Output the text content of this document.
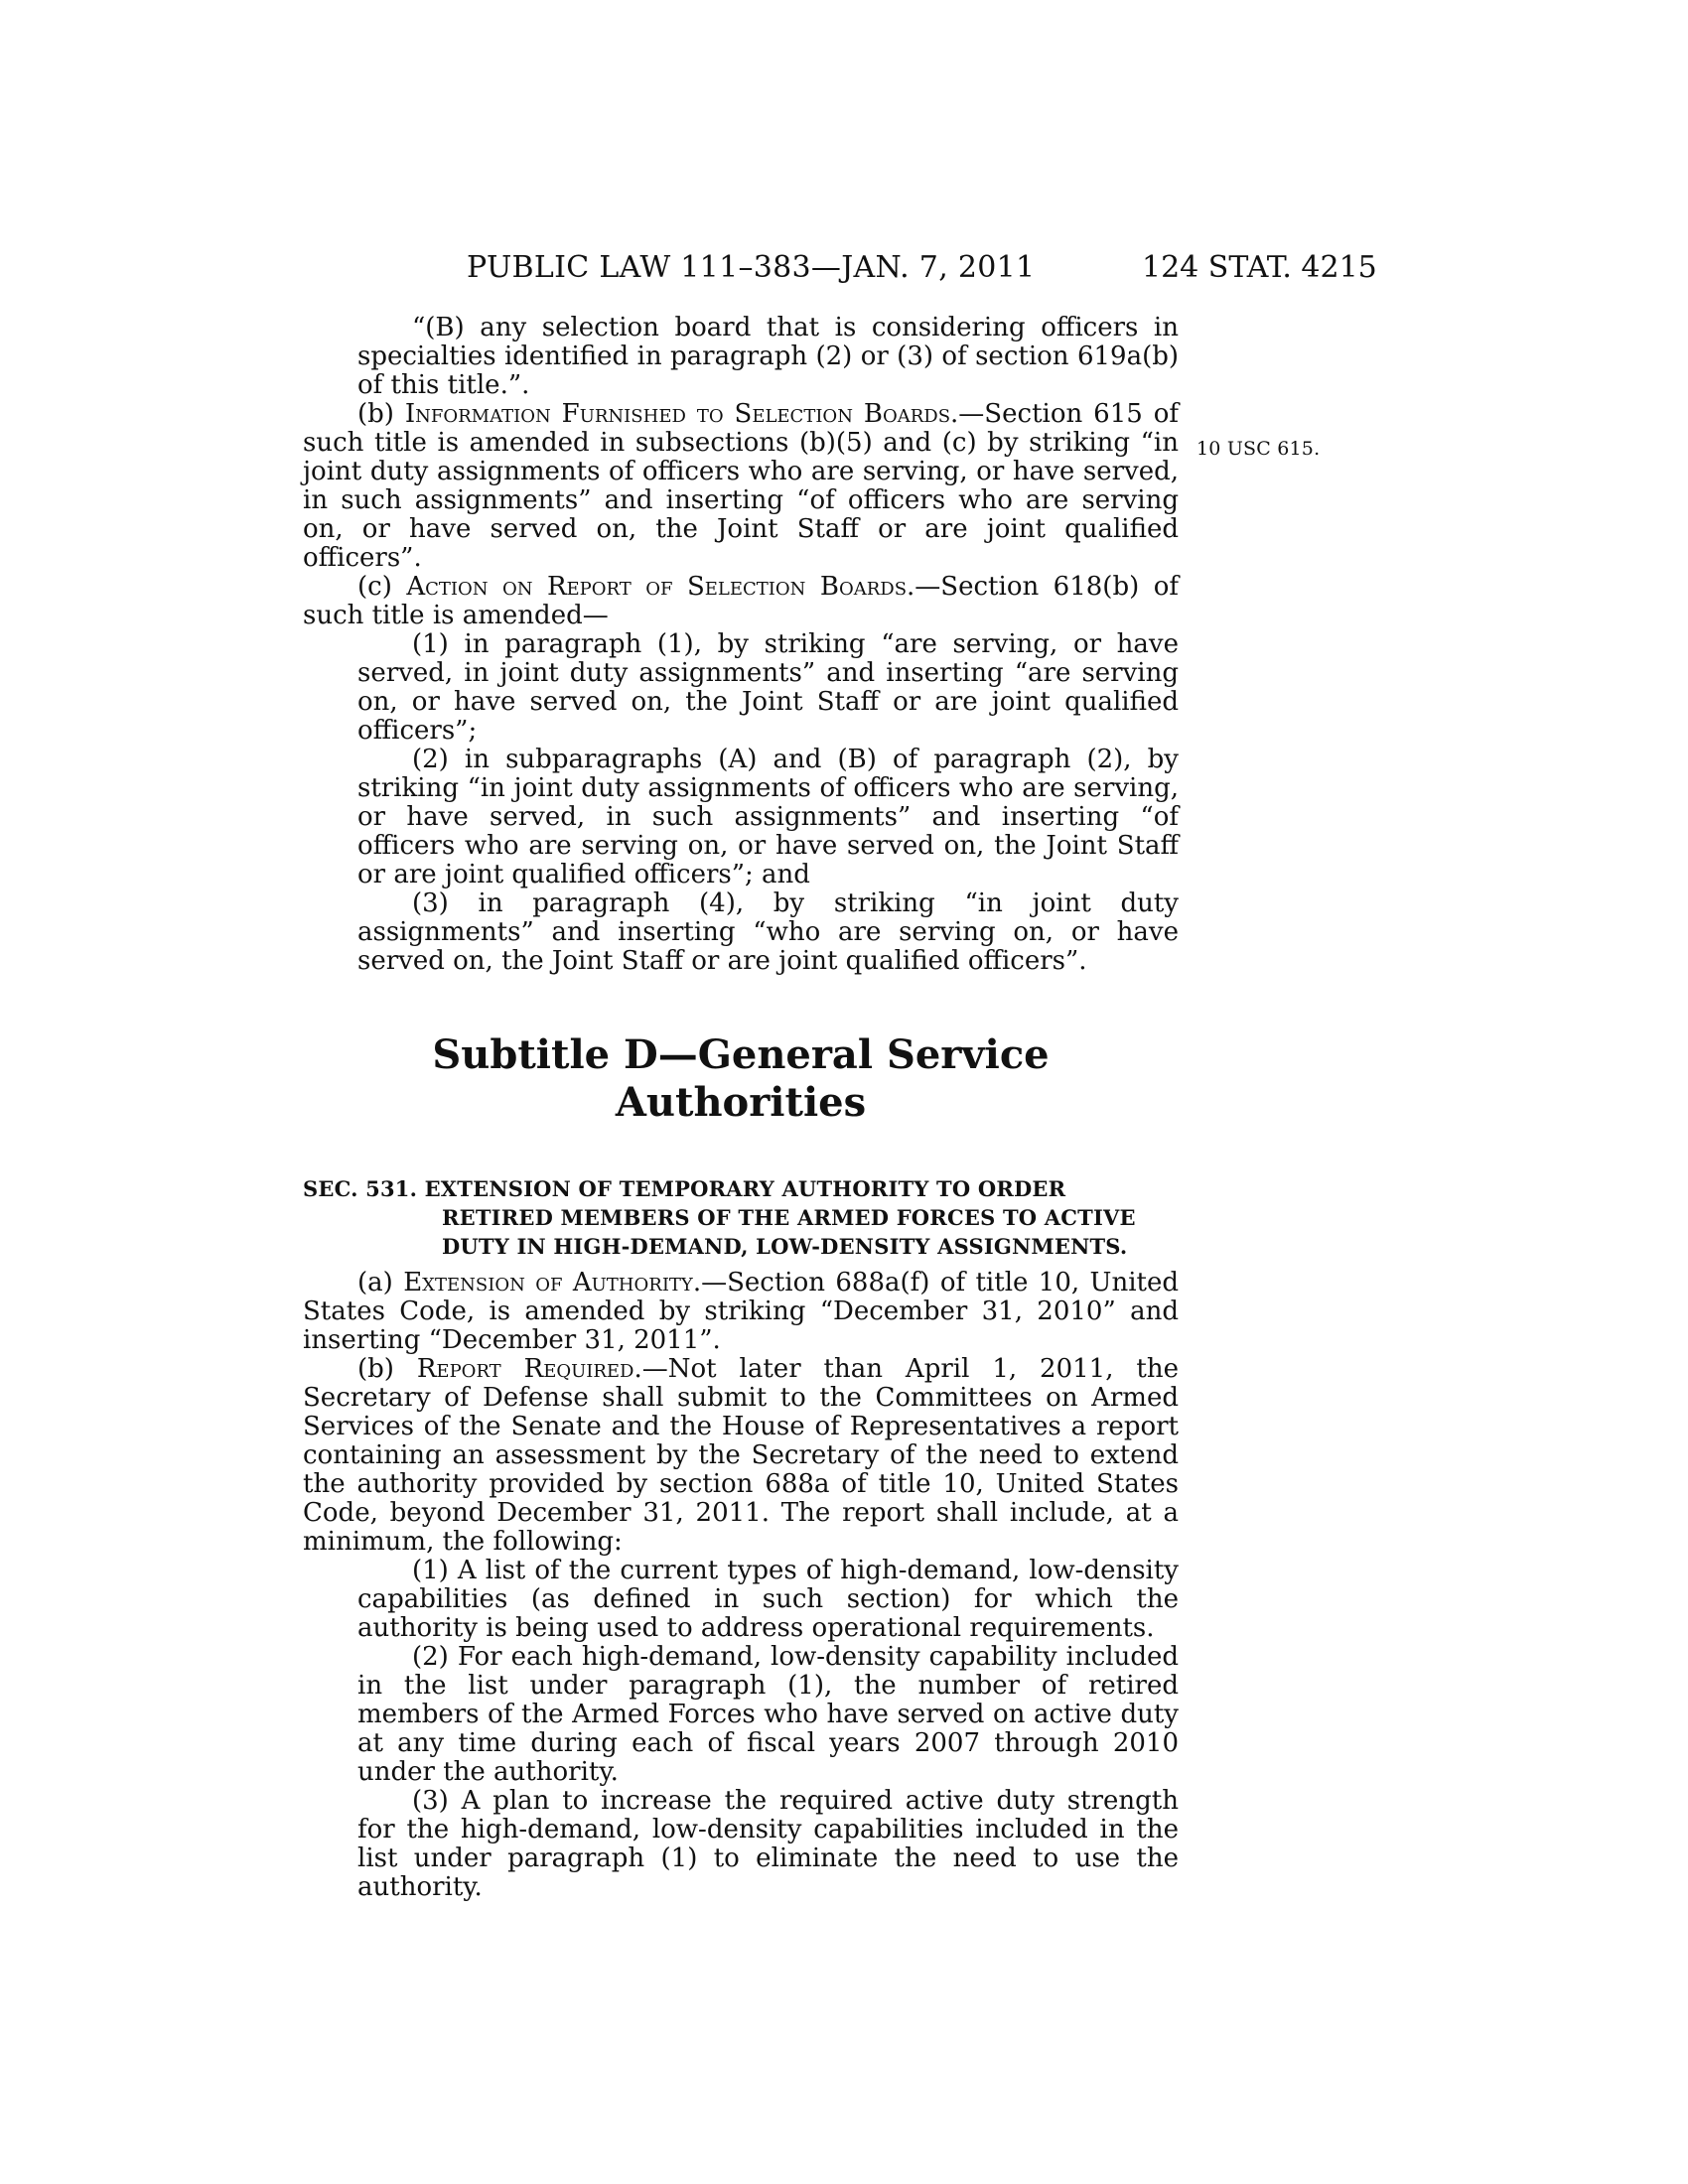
PUBLIC LAW 111–383—JAN. 7, 2011	124 STAT. 4215
10 USC 615.

“(B) any selection board that is considering officers in specialties identified in paragraph (2) or (3) of section 619a(b) of this title.”.

(b) Information Furnished to Selection Boards.—Section 615 of such title is amended in subsections (b)(5) and (c) by striking “in joint duty assignments of officers who are serving, or have served, in such assignments” and inserting “of officers who are serving on, or have served on, the Joint Staff or are joint qualified officers”.

(c) Action on Report of Selection Boards.—Section 618(b) of such title is amended—

(1) in paragraph (1), by striking “are serving, or have served, in joint duty assignments” and inserting “are serving on, or have served on, the Joint Staff or are joint qualified officers”;

(2) in subparagraphs (A) and (B) of paragraph (2), by striking “in joint duty assignments of officers who are serving, or have served, in such assignments” and inserting “of officers who are serving on, or have served on, the Joint Staff or are joint qualified officers”; and

(3) in paragraph (4), by striking “in joint duty assignments” and inserting “who are serving on, or have served on, the Joint Staff or are joint qualified officers”.

Subtitle D—General Service Authorities
SEC. 531. EXTENSION OF TEMPORARY AUTHORITY TO ORDER RETIRED MEMBERS OF THE ARMED FORCES TO ACTIVE DUTY IN HIGH-DEMAND, LOW-DENSITY ASSIGNMENTS.

(a) Extension of Authority.—Section 688a(f) of title 10, United States Code, is amended by striking “December 31, 2010” and inserting “December 31, 2011”.

(b) Report Required.—Not later than April 1, 2011, the Secretary of Defense shall submit to the Committees on Armed Services of the Senate and the House of Representatives a report containing an assessment by the Secretary of the need to extend the authority provided by section 688a of title 10, United States Code, beyond December 31, 2011. The report shall include, at a minimum, the following:

(1) A list of the current types of high-demand, low-density capabilities (as defined in such section) for which the authority is being used to address operational requirements.

(2) For each high-demand, low-density capability included in the list under paragraph (1), the number of retired members of the Armed Forces who have served on active duty at any time during each of fiscal years 2007 through 2010 under the authority.

(3) A plan to increase the required active duty strength for the high-demand, low-density capabilities included in the list under paragraph (1) to eliminate the need to use the authority.
